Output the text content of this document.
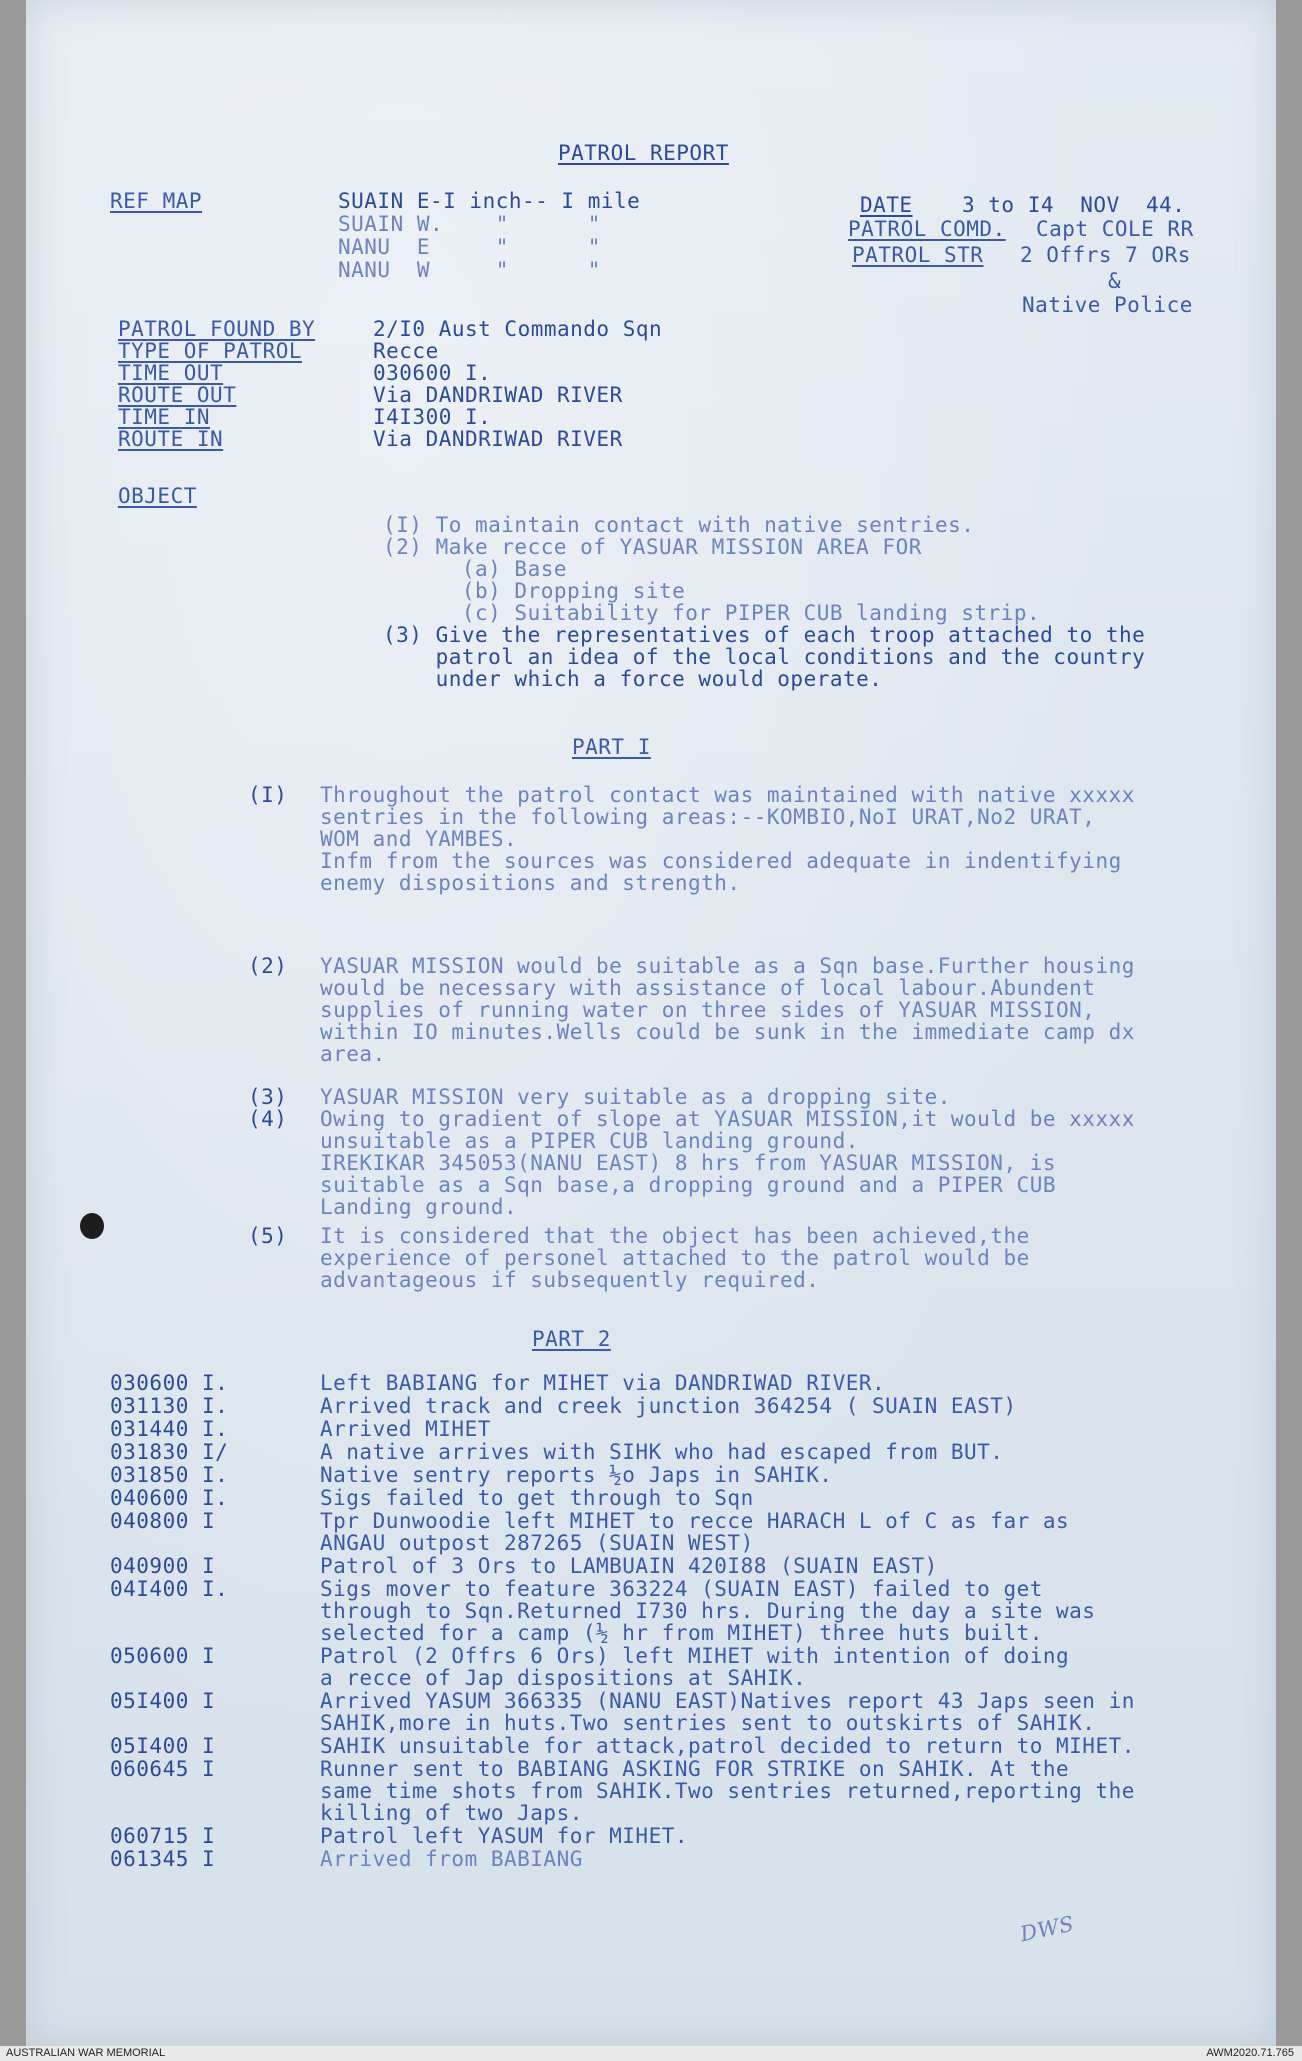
PATROL REPORT
REF MAP	SUAIN E-I inch-- I mile
SUAIN W.    "      "
NANU  E     "      "
NANU  W     "      "
DATE 3 to I4  NOV  44.
PATROL COMD. Capt COLE RR
PATROL STR 2 Offrs 7 ORs
&
Native Police
PATROL FOUND BY	2/I0 Aust Commando Sqn
TYPE OF PATROL	Recce
TIME OUT	030600 I.
ROUTE OUT	Via DANDRIWAD RIVER
TIME IN	I4I300 I.
ROUTE IN	Via DANDRIWAD RIVER
OBJECT
(I) To maintain contact with native sentries.
(2) Make recce of YASUAR MISSION AREA FOR
(a) Base
(b) Dropping site
(c) Suitability for PIPER CUB landing strip.
(3) Give the representatives of each troop attached to the
patrol an idea of the local conditions and the country
under which a force would operate.
PART I
(I) Throughout the patrol contact was maintained with native xxxxx
sentries in the following areas:--KOMBIO,NoI URAT,No2 URAT,
WOM and YAMBES.
Infm from the sources was considered adequate in indentifying
enemy dispositions and strength.
(2) YASUAR MISSION would be suitable as a Sqn base.Further housing
would be necessary with assistance of local labour.Abundent
supplies of running water on three sides of YASUAR MISSION,
within IO minutes.Wells could be sunk in the immediate camp dx
area.
(3) YASUAR MISSION very suitable as a dropping site.
(4) Owing to gradient of slope at YASUAR MISSION,it would be xxxxx
unsuitable as a PIPER CUB landing ground.
IREKIKAR 345053(NANU EAST) 8 hrs from YASUAR MISSION, is
suitable as a Sqn base,a dropping ground and a PIPER CUB
Landing ground.
(5) It is considered that the object has been achieved,the
experience of personel attached to the patrol would be
advantageous if subsequently required.
PART 2
030600 I.	Left BABIANG for MIHET via DANDRIWAD RIVER.
031130 I.	Arrived track and creek junction 364254 ( SUAIN EAST)
031440 I.	Arrived MIHET
031830 I/	A native arrives with SIHK who had escaped from BUT.
031850 I.	Native sentry reports ½o Japs in SAHIK.
040600 I.	Sigs failed to get through to Sqn
040800 I	Tpr Dunwoodie left MIHET to recce HARACH L of C as far as
ANGAU outpost 287265 (SUAIN WEST)
040900 I	Patrol of 3 Ors to LAMBUAIN 420I88 (SUAIN EAST)
04I400 I.	Sigs mover to feature 363224 (SUAIN EAST) failed to get
through to Sqn.Returned I730 hrs. During the day a site was
selected for a camp (½ hr from MIHET) three huts built.
050600 I	Patrol (2 Offrs 6 Ors) left MIHET with intention of doing
a recce of Jap dispositions at SAHIK.
05I400 I	Arrived YASUM 366335 (NANU EAST)Natives report 43 Japs seen in
SAHIK,more in huts.Two sentries sent to outskirts of SAHIK.
05I400 I	SAHIK unsuitable for attack,patrol decided to return to MIHET.
060645 I	Runner sent to BABIANG ASKING FOR STRIKE on SAHIK. At the
same time shots from SAHIK.Two sentries returned,reporting the
killing of two Japs.
060715 I	Patrol left YASUM for MIHET.
061345 I	Arrived from BABIANG
DWS
AUSTRALIAN WAR MEMORIAL	AWM2020.71.765
